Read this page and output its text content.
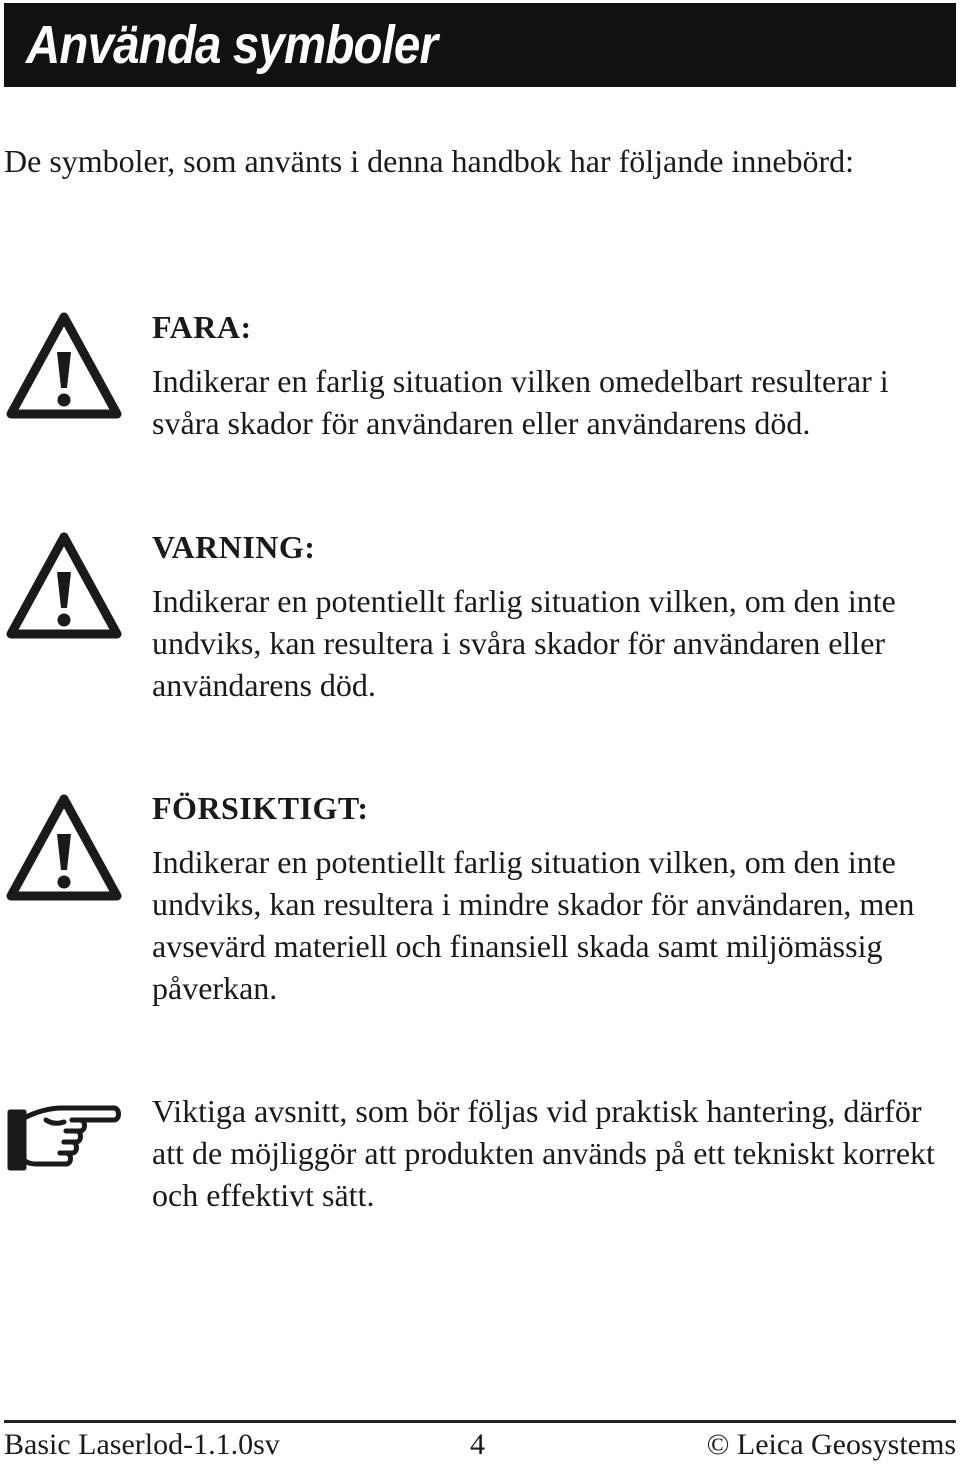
Använda symboler
De symboler, som använts i denna handbok har följande innebörd:
FARA:
Indikerar en farlig situation vilken omedelbart resulterar i svåra skador för användaren eller användarens död.
VARNING:
Indikerar en potentiellt farlig situation vilken, om den inte undviks, kan resultera i svåra skador för användaren eller användarens död.
FÖRSIKTIGT:
Indikerar en potentiellt farlig situation vilken, om den inte undviks, kan resultera i mindre skador för användaren, men avsevärd materiell och finansiell skada samt miljömässig påverkan.
Viktiga avsnitt, som bör följas vid praktisk hantering, därför att de möjliggör att produkten används på ett tekniskt korrekt och effektivt sätt.
Basic Laserlod-1.1.0sv	4	© Leica Geosystems
